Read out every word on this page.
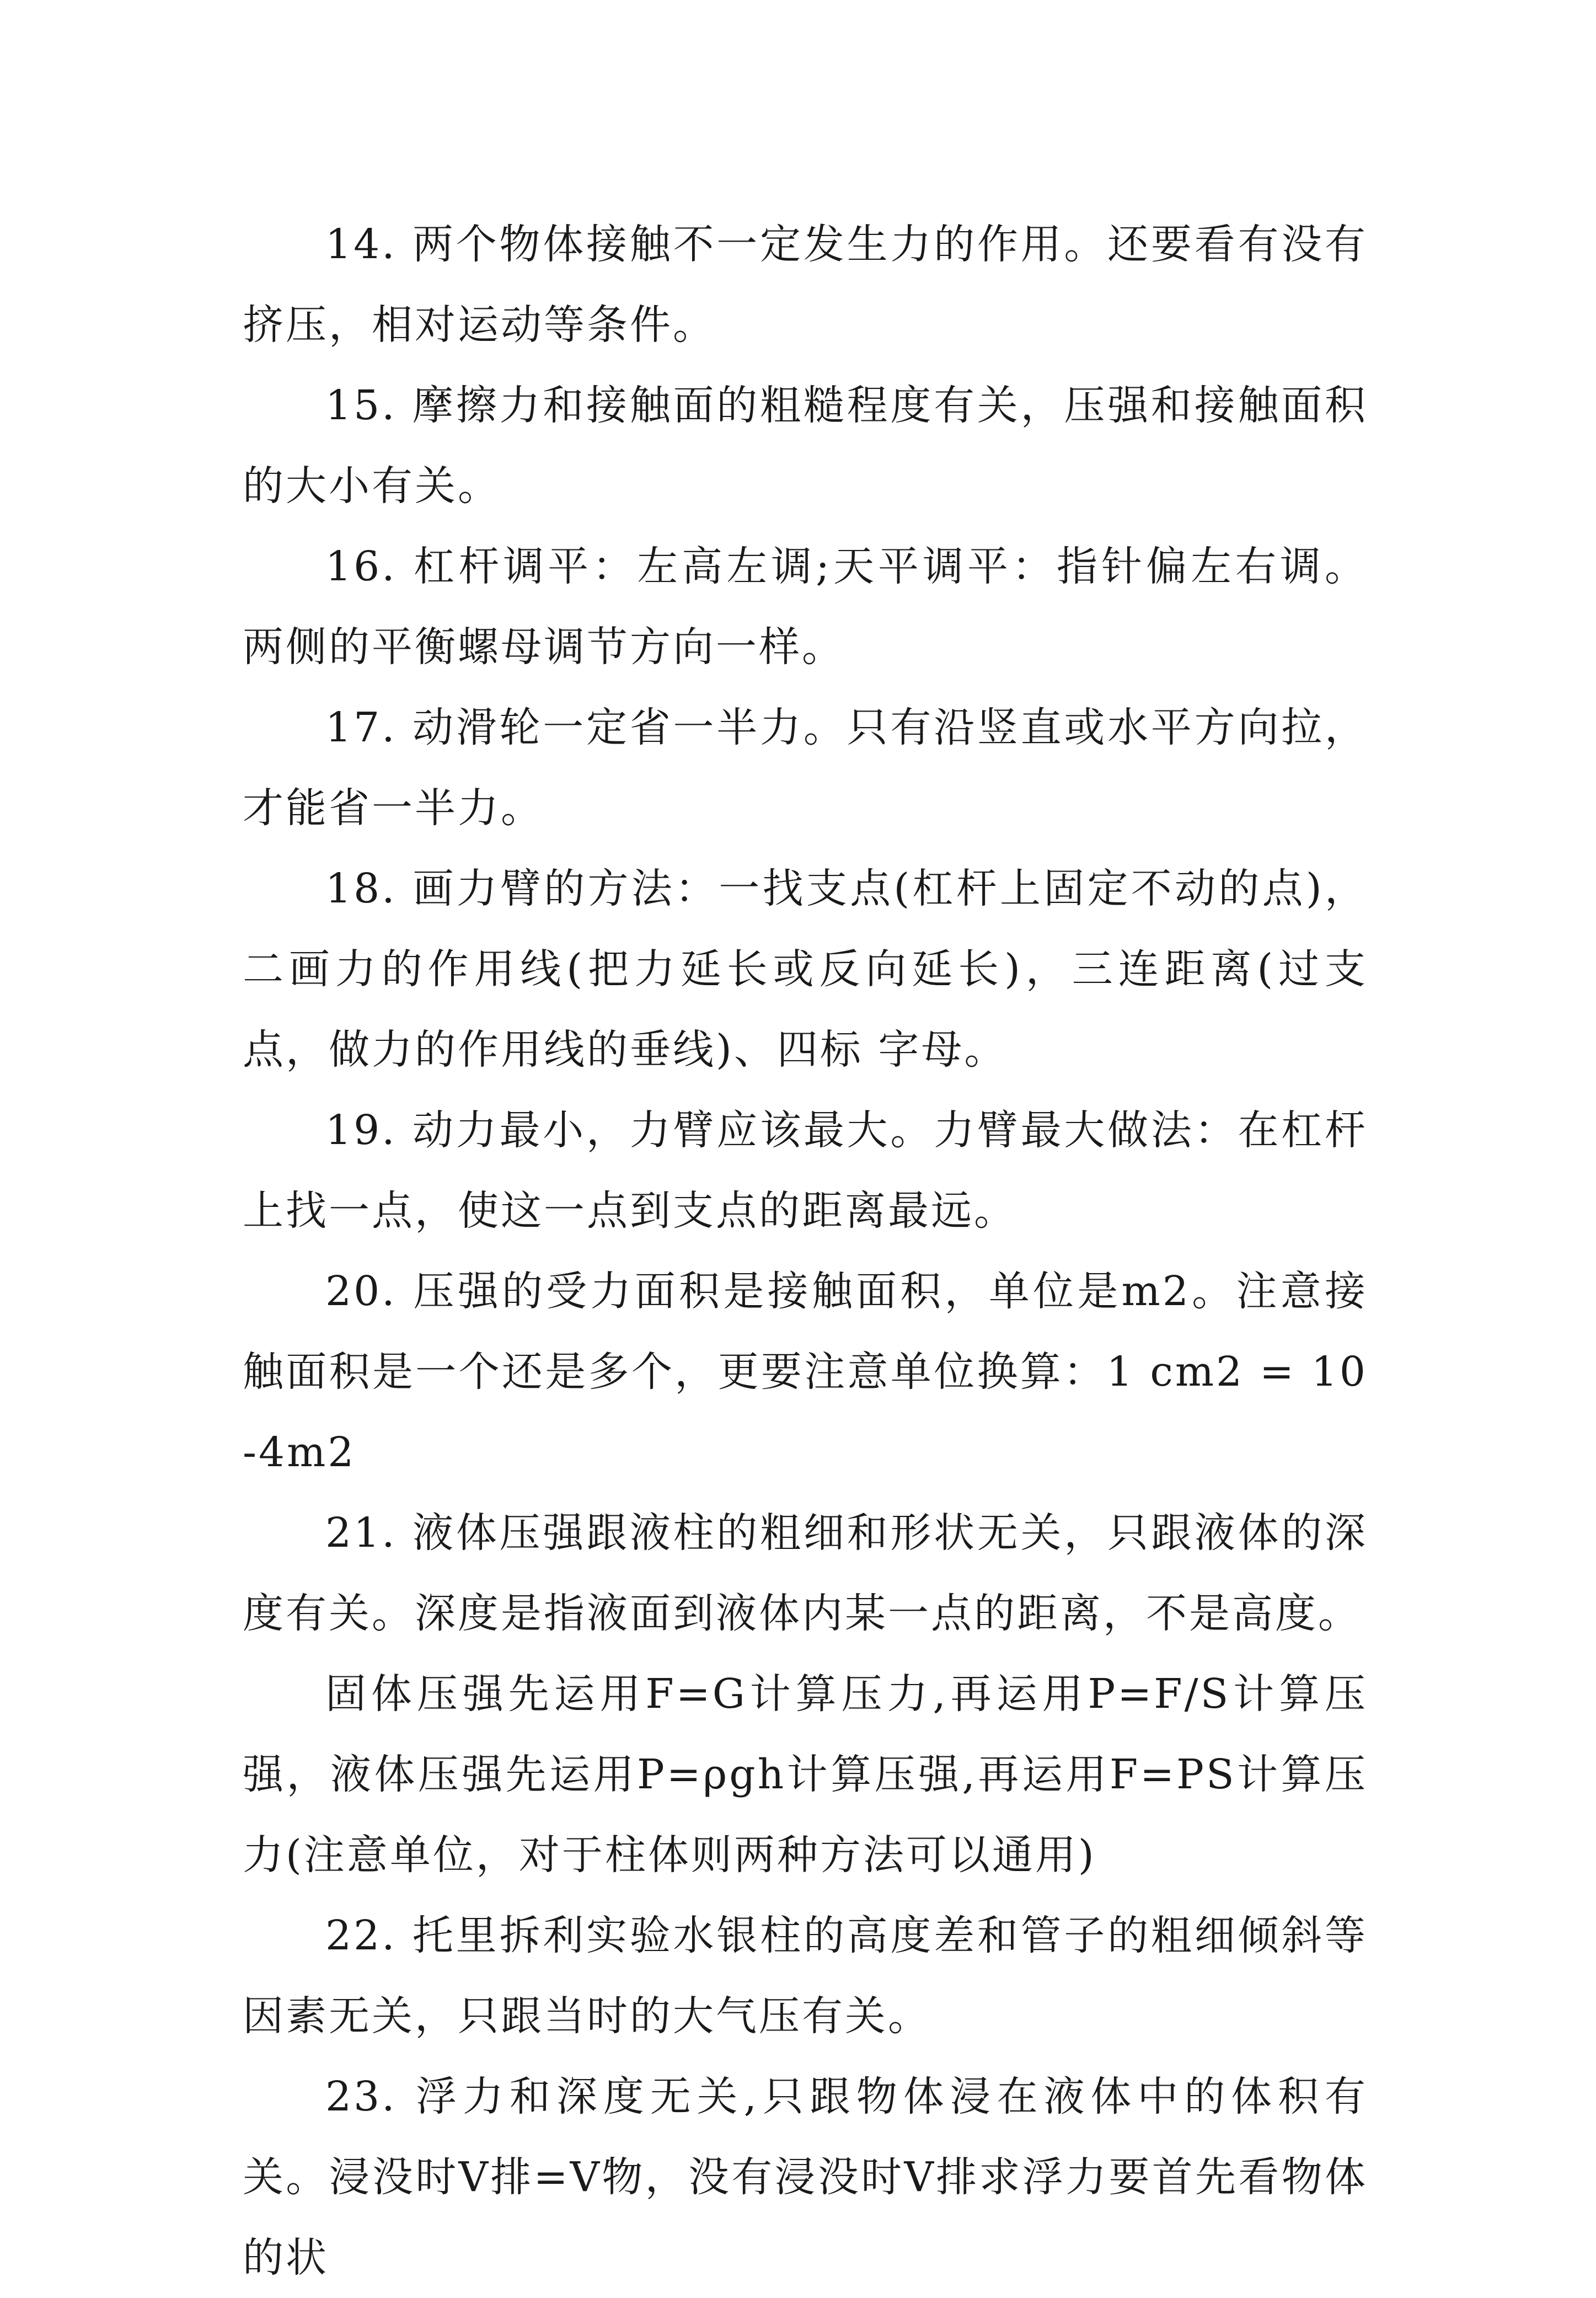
14. 两个物体接触不一定发生力的作用。还要看有没有挤压，相对运动等条件。

15. 摩擦力和接触面的粗糙程度有关，压强和接触面积的大小有关。

16. 杠杆调平：左高左调;天平调平：指针偏左右调。两侧的平衡螺母调节方向一样。

17. 动滑轮一定省一半力。只有沿竖直或水平方向拉，才能省一半力。

18. 画力臂的方法：一找支点(杠杆上固定不动的点)，二画力的作用线(把力延长或反向延长)，三连距离(过支点，做力的作用线的垂线)、四标 字母。

19. 动力最小，力臂应该最大。力臂最大做法：在杠杆上找一点，使这一点到支点的距离最远。

20. 压强的受力面积是接触面积，单位是m2。注意接触面积是一个还是多个，更要注意单位换算：1 cm2 = 10-4m2

21. 液体压强跟液柱的粗细和形状无关，只跟液体的深度有关。深度是指液面到液体内某一点的距离，不是高度。

固体压强先运用F=G计算压力,再运用P=F/S计算压强，液体压强先运用P=ρgh计算压强,再运用F=PS计算压力(注意单位，对于柱体则两种方法可以通用)

22. 托里拆利实验水银柱的高度差和管子的粗细倾斜等因素无关，只跟当时的大气压有关。

23. 浮力和深度无关,只跟物体浸在液体中的体积有关。浸没时V排=V物，没有浸没时V排求浮力要首先看物体的状
